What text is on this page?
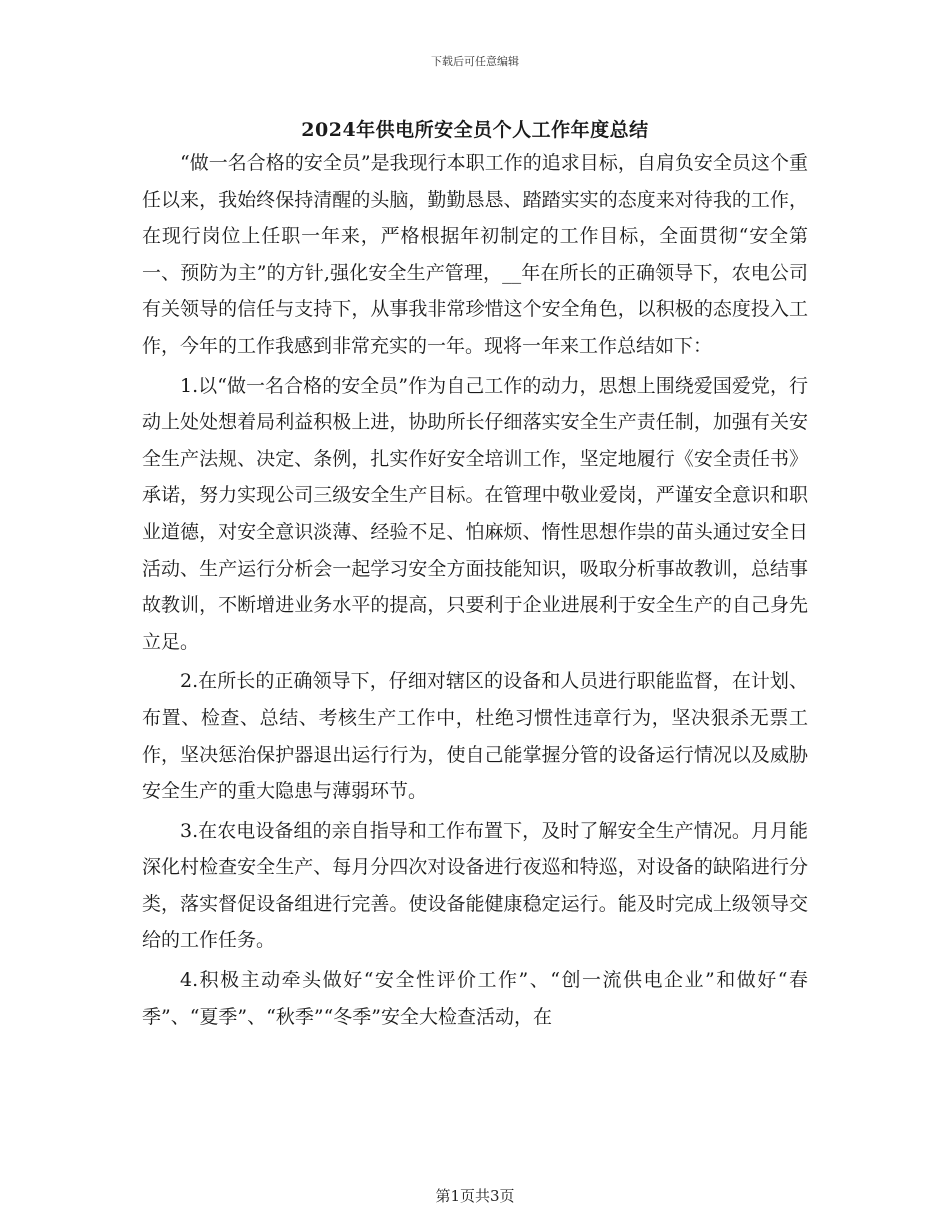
下载后可任意编辑
2024年供电所安全员个人工作年度总结

“做一名合格的安全员”是我现行本职工作的追求目标，自肩负安全员这个重任以来，我始终保持清醒的头脑，勤勤恳恳、踏踏实实的态度来对待我的工作，在现行岗位上任职一年来，严格根据年初制定的工作目标，全面贯彻“安全第一、预防为主”的方针,强化安全生产管理，__年在所长的正确领导下，农电公司有关领导的信任与支持下，从事我非常珍惜这个安全角色，以积极的态度投入工作，今年的工作我感到非常充实的一年。现将一年来工作总结如下：

1.以“做一名合格的安全员”作为自己工作的动力，思想上围绕爱国爱党，行动上处处想着局利益积极上进，协助所长仔细落实安全生产责任制，加强有关安全生产法规、决定、条例，扎实作好安全培训工作，坚定地履行《安全责任书》承诺，努力实现公司三级安全生产目标。在管理中敬业爱岗，严谨安全意识和职业道德，对安全意识淡薄、经验不足、怕麻烦、惰性思想作祟的苗头通过安全日活动、生产运行分析会一起学习安全方面技能知识，吸取分析事故教训，总结事故教训，不断增进业务水平的提高，只要利于企业进展利于安全生产的自己身先立足。

2.在所长的正确领导下，仔细对辖区的设备和人员进行职能监督，在计划、布置、检查、总结、考核生产工作中，杜绝习惯性违章行为，坚决狠杀无票工作，坚决惩治保护器退出运行行为，使自己能掌握分管的设备运行情况以及威胁安全生产的重大隐患与薄弱环节。

3.在农电设备组的亲自指导和工作布置下，及时了解安全生产情况。月月能深化村检查安全生产、每月分四次对设备进行夜巡和特巡，对设备的缺陷进行分类，落实督促设备组进行完善。使设备能健康稳定运行。能及时完成上级领导交给的工作任务。

4.积极主动牵头做好“安全性评价工作”、“创一流供电企业”和做好“春季”、“夏季”、“秋季”“冬季”安全大检查活动，在

第1页共3页
